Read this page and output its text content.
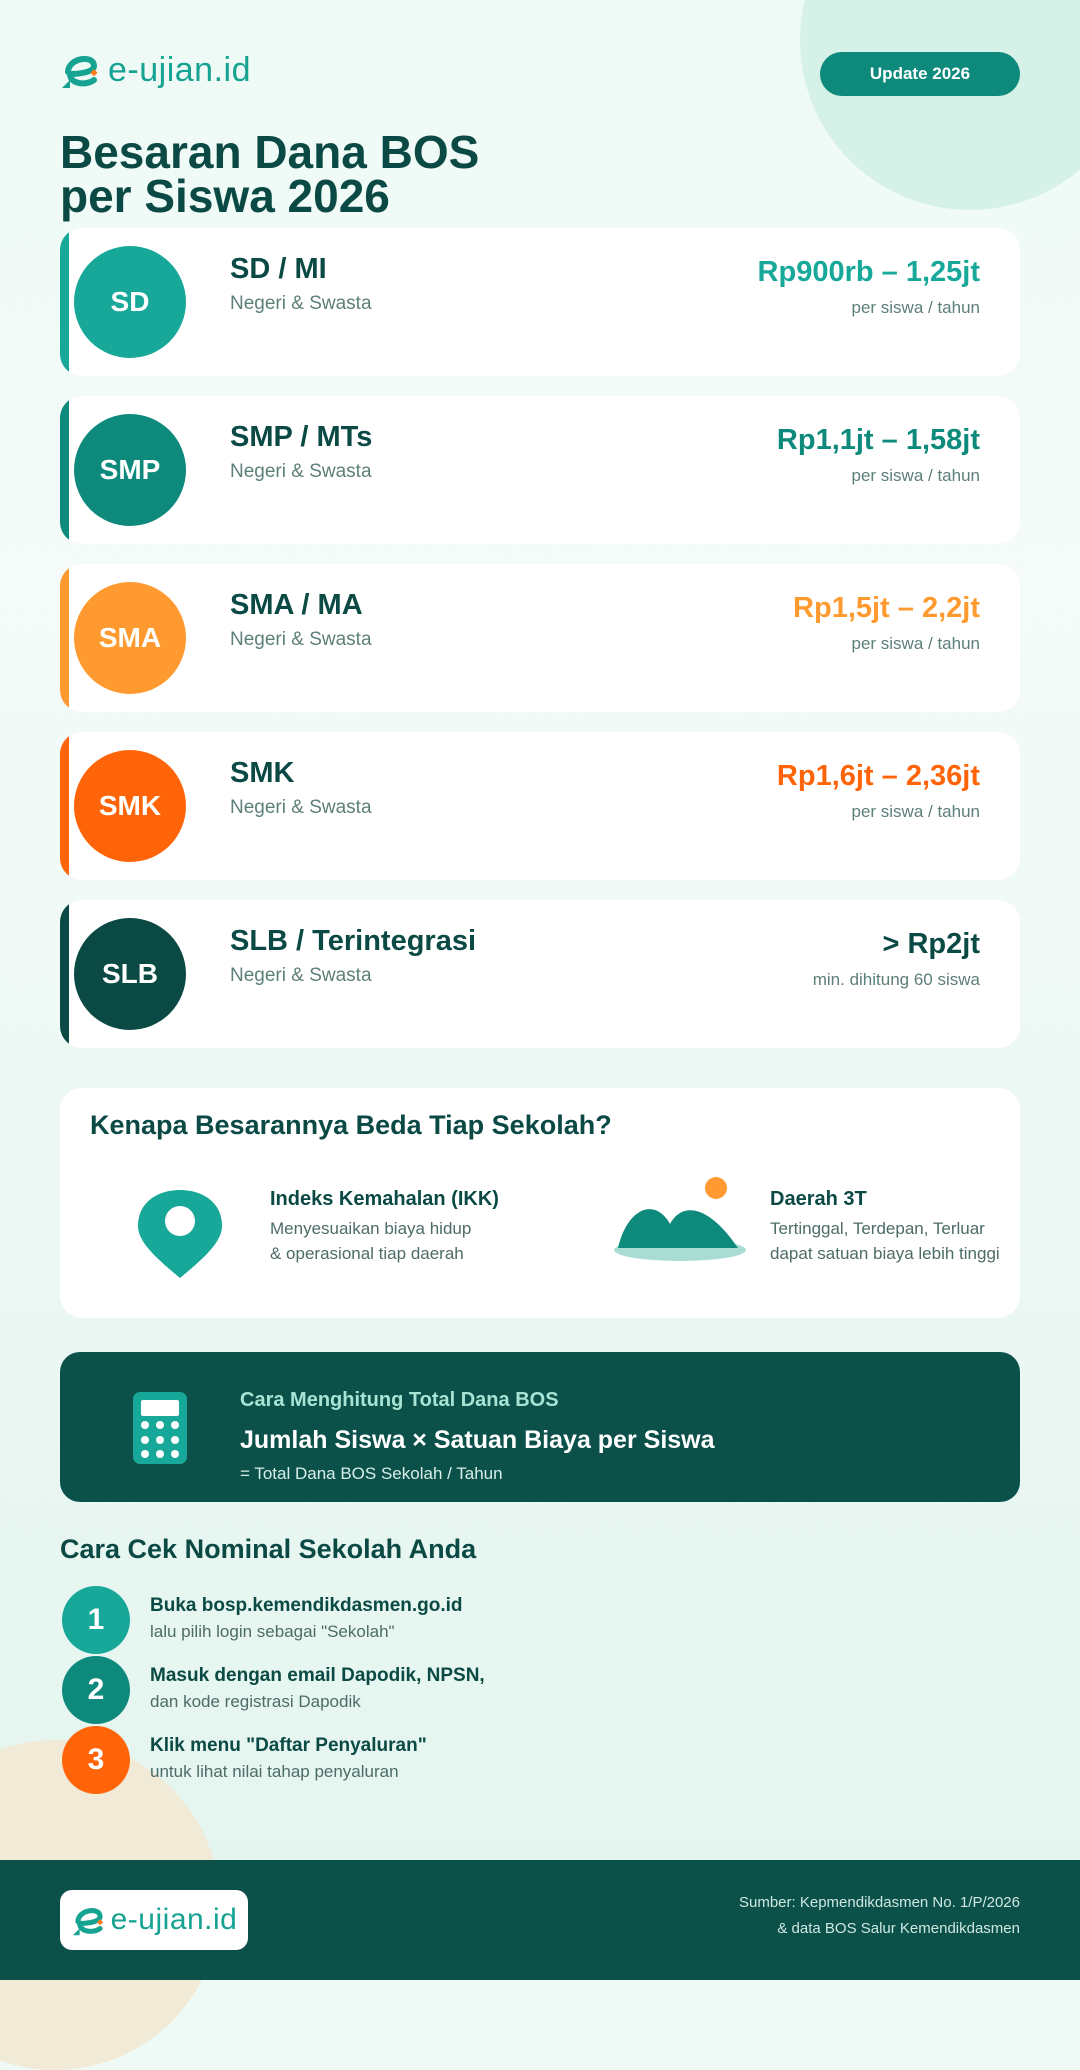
e-ujian.id	Update 2026
Besaran Dana BOS
per Siswa 2026
SD
SD / MI
Negeri & Swasta
Rp900rb – 1,25jt
per siswa / tahun
SMP
SMP / MTs
Negeri & Swasta
Rp1,1jt – 1,58jt
per siswa / tahun
SMA
SMA / MA
Negeri & Swasta
Rp1,5jt – 2,2jt
per siswa / tahun
SMK
SMK
Negeri & Swasta
Rp1,6jt – 2,36jt
per siswa / tahun
SLB
SLB / Terintegrasi
Negeri & Swasta
> Rp2jt
min. dihitung 60 siswa
Kenapa Besarannya Beda Tiap Sekolah?
Indeks Kemahalan (IKK)
Menyesuaikan biaya hidup
& operasional tiap daerah
Daerah 3T
Tertinggal, Terdepan, Terluar
dapat satuan biaya lebih tinggi
Cara Menghitung Total Dana BOS
Jumlah Siswa × Satuan Biaya per Siswa
= Total Dana BOS Sekolah / Tahun
Cara Cek Nominal Sekolah Anda
1	Buka bosp.kemendikdasmen.go.id
lalu pilih login sebagai "Sekolah"
2	Masuk dengan email Dapodik, NPSN,
dan kode registrasi Dapodik
3	Klik menu "Daftar Penyaluran"
untuk lihat nilai tahap penyaluran
e-ujian.id
Sumber: Kepmendikdasmen No. 1/P/2026
& data BOS Salur Kemendikdasmen
